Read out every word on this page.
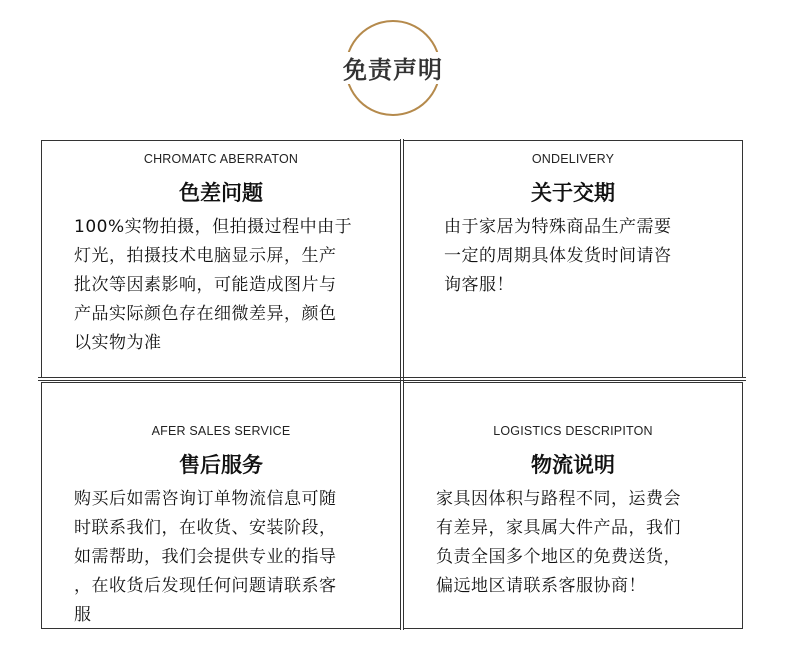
免责声明
CHROMATC ABERRATON
色差问题
100%实物拍摄，但拍摄过程中由于
灯光，拍摄技术电脑显示屏，生产
批次等因素影响，可能造成图片与
产品实际颜色存在细微差异，颜色
以实物为准
ONDELIVERY
关于交期
由于家居为特殊商品生产需要
一定的周期具体发货时间请咨
询客服！
AFER SALES SERVICE
售后服务
购买后如需咨询订单物流信息可随
时联系我们，在收货、安装阶段，
如需帮助，我们会提供专业的指导
，在收货后发现任何问题请联系客
服
LOGISTICS DESCRIPITON
物流说明
家具因体积与路程不同，运费会
有差异，家具属大件产品，我们
负责全国多个地区的免费送货，
偏远地区请联系客服协商！
